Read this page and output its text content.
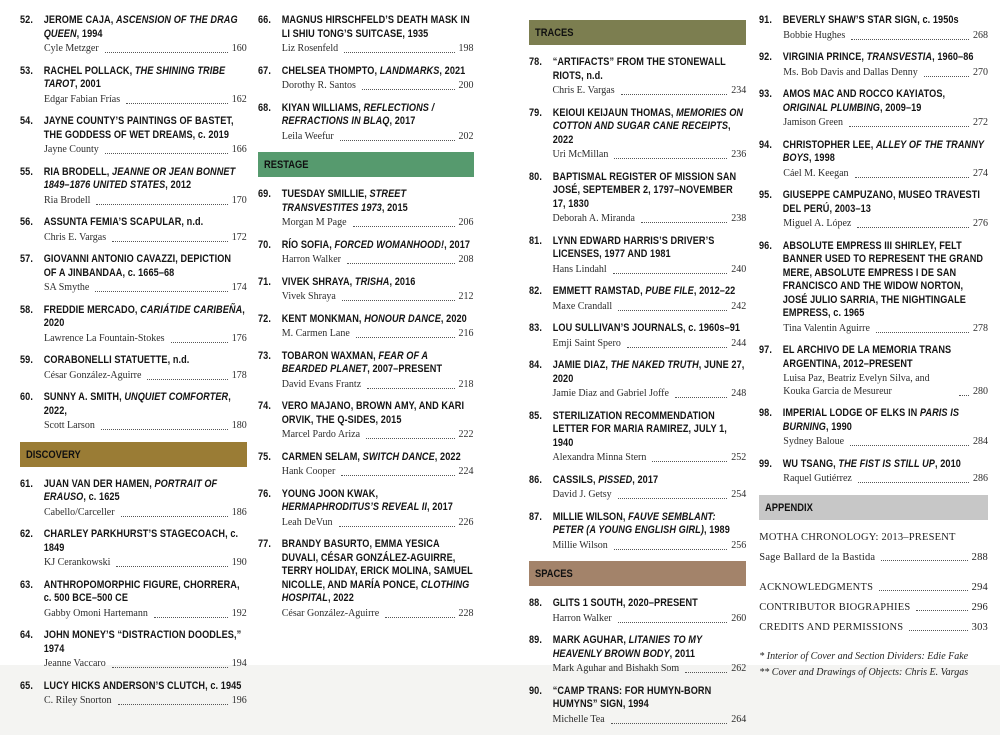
52. JEROME CAJA, ASCENSION OF THE DRAG QUEEN, 1994
Cyle Metzger	160
53. RACHEL POLLACK, THE SHINING TRIBE TAROT, 2001
Edgar Fabian Frías	162
54. JAYNE COUNTY’S PAINTINGS OF BASTET, THE GODDESS OF WET DREAMS, c. 2019
Jayne County	166
55. RIA BRODELL, JEANNE OR JEAN BONNET 1849–1876 UNITED STATES, 2012
Ria Brodell	170
56. ASSUNTA FEMIA’S SCAPULAR, n.d.
Chris E. Vargas	172
57. GIOVANNI ANTONIO CAVAZZI, DEPICTION OF A JINBANDAA, c. 1665–68
SA Smythe	174
58. FREDDIE MERCADO, CARIÁTIDE CARIBEÑA, 2020
Lawrence La Fountain-Stokes	176
59. CORABONELLI STATUETTE, n.d.
César González-Aguirre	178
60. SUNNY A. SMITH, UNQUIET COMFORTER, 2022,
Scott Larson	180
DISCOVERY
61. JUAN VAN DER HAMEN, PORTRAIT OF ERAUSO, c. 1625
Cabello/Carceller	186
62. CHARLEY PARKHURST’S STAGECOACH, c. 1849
KJ Cerankowski	190
63. ANTHROPOMORPHIC FIGURE, CHORRERA, c. 500 BCE–500 CE
Gabby Omoni Hartemann	192
64. JOHN MONEY’S “DISTRACTION DOODLES,” 1974
Jeanne Vaccaro	194
65. LUCY HICKS ANDERSON’S CLUTCH, c. 1945
C. Riley Snorton	196
66. MAGNUS HIRSCHFELD’S DEATH MASK IN LI SHIU TONG’S SUITCASE, 1935
Liz Rosenfeld	198
67. CHELSEA THOMPTO, LANDMARKS, 2021
Dorothy R. Santos	200
68. KIYAN WILLIAMS, REFLECTIONS / REFRACTIONS IN BLAQ, 2017
Leila Weefur	202
RESTAGE
69. TUESDAY SMILLIE, STREET TRANSVESTITES 1973, 2015
Morgan M Page	206
70. RÍO SOFIA, FORCED WOMANHOOD!, 2017
Harron Walker	208
71. VIVEK SHRAYA, TRISHA, 2016
Vivek Shraya	212
72. KENT MONKMAN, HONOUR DANCE, 2020
M. Carmen Lane	216
73. TOBARON WAXMAN, FEAR OF A BEARDED PLANET, 2007–PRESENT
David Evans Frantz	218
74. VERO MAJANO, BROWN AMY, AND KARI ORVIK, THE Q-SIDES, 2015
Marcel Pardo Ariza	222
75. CARMEN SELAM, SWITCH DANCE, 2022
Hank Cooper	224
76. YOUNG JOON KWAK, HERMAPHRODITUS’S REVEAL II, 2017
Leah DeVun	226
77. BRANDY BASURTO, EMMA YESICA DUVALI, CÉSAR GONZÁLEZ-AGUIRRE, TERRY HOLIDAY, ERICK MOLINA, SAMUEL NICOLLE, AND MARÍA PONCE, CLOTHING HOSPITAL, 2022
César González-Aguirre	228
TRACES
78. “ARTIFACTS” FROM THE STONEWALL RIOTS, n.d.
Chris E. Vargas	234
79. KEIOUI KEIJAUN THOMAS, MEMORIES ON COTTON AND SUGAR CANE RECEIPTS, 2022
Uri McMillan	236
80. BAPTISMAL REGISTER OF MISSION SAN JOSÉ, SEPTEMBER 2, 1797–NOVEMBER 17, 1830
Deborah A. Miranda	238
81. LYNN EDWARD HARRIS’S DRIVER’S LICENSES, 1977 AND 1981
Hans Lindahl	240
82. EMMETT RAMSTAD, PUBE FILE, 2012–22
Maxe Crandall	242
83. LOU SULLIVAN’S JOURNALS, c. 1960s–91
Emji Saint Spero	244
84. JAMIE DIAZ, THE NAKED TRUTH, JUNE 27, 2020
Jamie Diaz and Gabriel Joffe	248
85. STERILIZATION RECOMMENDATION LETTER FOR MARIA RAMIREZ, JULY 1, 1940
Alexandra Minna Stern	252
86. CASSILS, PISSED, 2017
David J. Getsy	254
87. MILLIE WILSON, FAUVE SEMBLANT: PETER (A YOUNG ENGLISH GIRL), 1989
Millie Wilson	256
SPACES
88. GLITS 1 SOUTH, 2020–PRESENT
Harron Walker	260
89. MARK AGUHAR, LITANIES TO MY HEAVENLY BROWN BODY, 2011
Mark Aguhar and Bishakh Som	262
90. “CAMP TRANS: FOR HUMYN-BORN HUMYNS” SIGN, 1994
Michelle Tea	264
91. BEVERLY SHAW’S STAR SIGN, c. 1950s
Bobbie Hughes	268
92. VIRGINIA PRINCE, TRANSVESTIA, 1960–86
Ms. Bob Davis and Dallas Denny	270
93. AMOS MAC AND ROCCO KAYIATOS, ORIGINAL PLUMBING, 2009–19
Jamison Green	272
94. CHRISTOPHER LEE, ALLEY OF THE TRANNY BOYS, 1998
Cáel M. Keegan	274
95. GIUSEPPE CAMPUZANO, MUSEO TRAVESTI DEL PERÚ, 2003–13
Miguel A. López	276
96. ABSOLUTE EMPRESS III SHIRLEY, FELT BANNER USED TO REPRESENT THE GRAND MERE, ABSOLUTE EMPRESS I DE SAN FRANCISCO AND THE WIDOW NORTON, JOSÉ JULIO SARRIA, THE NIGHTINGALE EMPRESS, c. 1965
Tina Valentin Aguirre	278
97. EL ARCHIVO DE LA MEMORIA TRANS ARGENTINA, 2012–PRESENT
Luisa Paz, Beatriz Evelyn Silva, and Kouka Garcia de Mesureur	280
98. IMPERIAL LODGE OF ELKS IN PARIS IS BURNING, 1990
Sydney Baloue	284
99. WU TSANG, THE FIST IS STILL UP, 2010
Raquel Gutiérrez	286
APPENDIX
MOTHA CHRONOLOGY: 2013–PRESENT
Sage Ballard de la Bastida	288
ACKNOWLEDGMENTS	294
CONTRIBUTOR BIOGRAPHIES	296
CREDITS AND PERMISSIONS	303
* Interior of Cover and Section Dividers: Edie Fake
** Cover and Drawings of Objects: Chris E. Vargas
